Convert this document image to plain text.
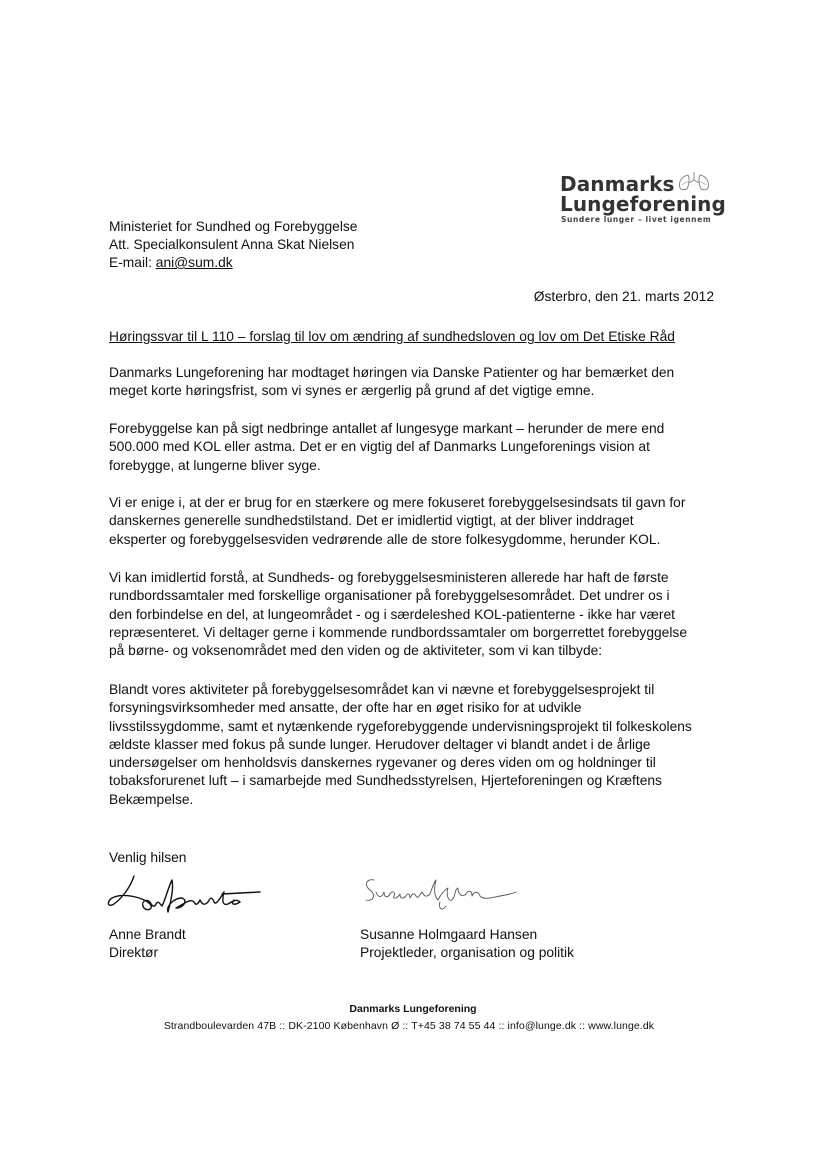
Danmarks
Lungeforening
Sundere lunger – livet igennem
Ministeriet for Sundhed og Forebyggelse
Att. Specialkonsulent Anna Skat Nielsen
E-mail: ani@sum.dk
Østerbro, den 21. marts 2012
Høringssvar til L 110 – forslag til lov om ændring af sundhedsloven og lov om Det Etiske Råd
Danmarks Lungeforening har modtaget høringen via Danske Patienter og har bemærket den
meget korte høringsfrist, som vi synes er ærgerlig på grund af det vigtige emne.
Forebyggelse kan på sigt nedbringe antallet af lungesyge markant – herunder de mere end
500.000 med KOL eller astma. Det er en vigtig del af Danmarks Lungeforenings vision at
forebygge, at lungerne bliver syge.
Vi er enige i, at der er brug for en stærkere og mere fokuseret forebyggelsesindsats til gavn for
danskernes generelle sundhedstilstand. Det er imidlertid vigtigt, at der bliver inddraget
eksperter og forebyggelsesviden vedrørende alle de store folkesygdomme, herunder KOL.
Vi kan imidlertid forstå, at Sundheds- og forebyggelsesministeren allerede har haft de første
rundbordssamtaler med forskellige organisationer på forebyggelsesområdet. Det undrer os i
den forbindelse en del, at lungeområdet - og i særdeleshed KOL-patienterne - ikke har været
repræsenteret. Vi deltager gerne i kommende rundbordssamtaler om borgerrettet forebyggelse
på børne- og voksenområdet med den viden og de aktiviteter, som vi kan tilbyde:
Blandt vores aktiviteter på forebyggelsesområdet kan vi nævne et forebyggelsesprojekt til
forsyningsvirksomheder med ansatte, der ofte har en øget risiko for at udvikle
livsstilssygdomme, samt et nytænkende rygeforebyggende undervisningsprojekt til folkeskolens
ældste klasser med fokus på sunde lunger. Herudover deltager vi blandt andet i de årlige
undersøgelser om henholdsvis danskernes rygevaner og deres viden om og holdninger til
tobaksforurenet luft – i samarbejde med Sundhedsstyrelsen, Hjerteforeningen og Kræftens
Bekæmpelse.
Venlig hilsen
Anne Brandt
Direktør
Susanne Holmgaard Hansen
Projektleder, organisation og politik
Danmarks Lungeforening
Strandboulevarden 47B :: DK-2100 København Ø :: T+45 38 74 55 44 :: info@lunge.dk :: www.lunge.dk
